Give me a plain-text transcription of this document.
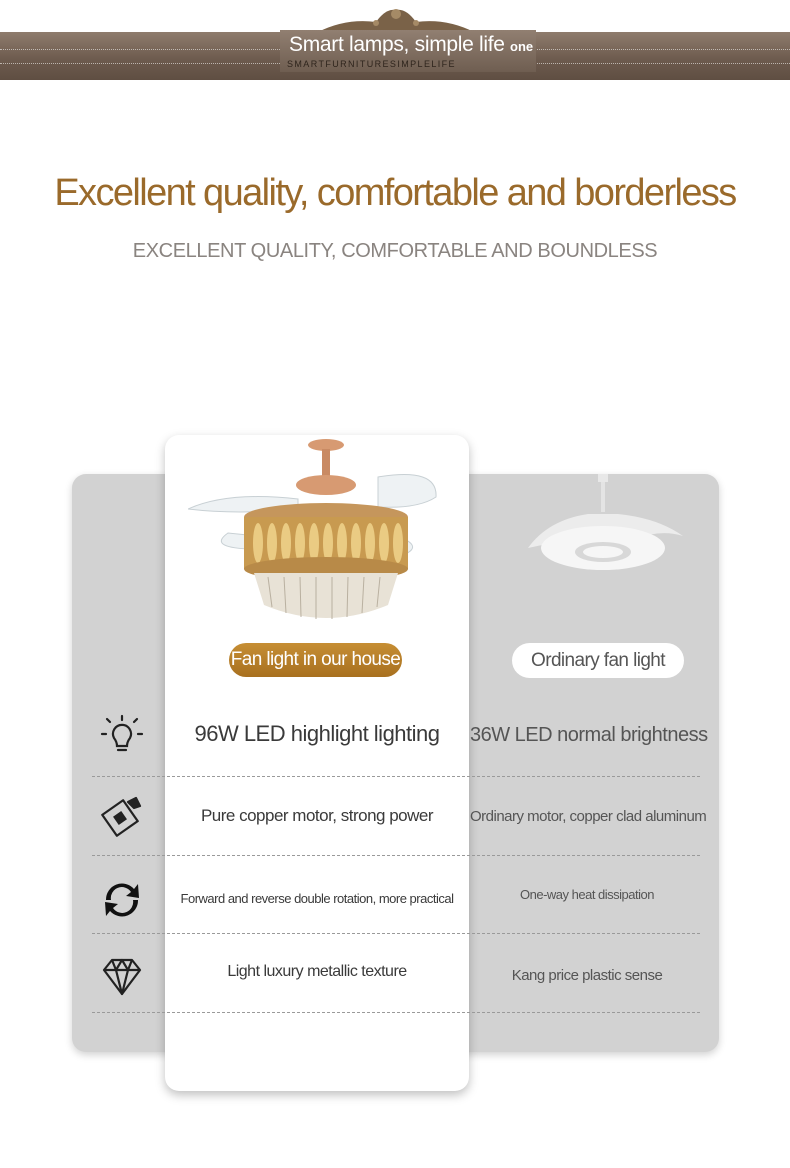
Smart lamps, simple life one
SMARTFURNITURESIMPLELIFE
Excellent quality, comfortable and borderless
EXCELLENT QUALITY, COMFORTABLE AND BOUNDLESS
Fan light in our house	Ordinary fan light
96W LED highlight lighting	36W LED normal brightness
Pure copper motor, strong power	Ordinary motor, copper clad aluminum
Forward and reverse double rotation, more practical	One-way heat dissipation
Light luxury metallic texture	Kang price plastic sense
